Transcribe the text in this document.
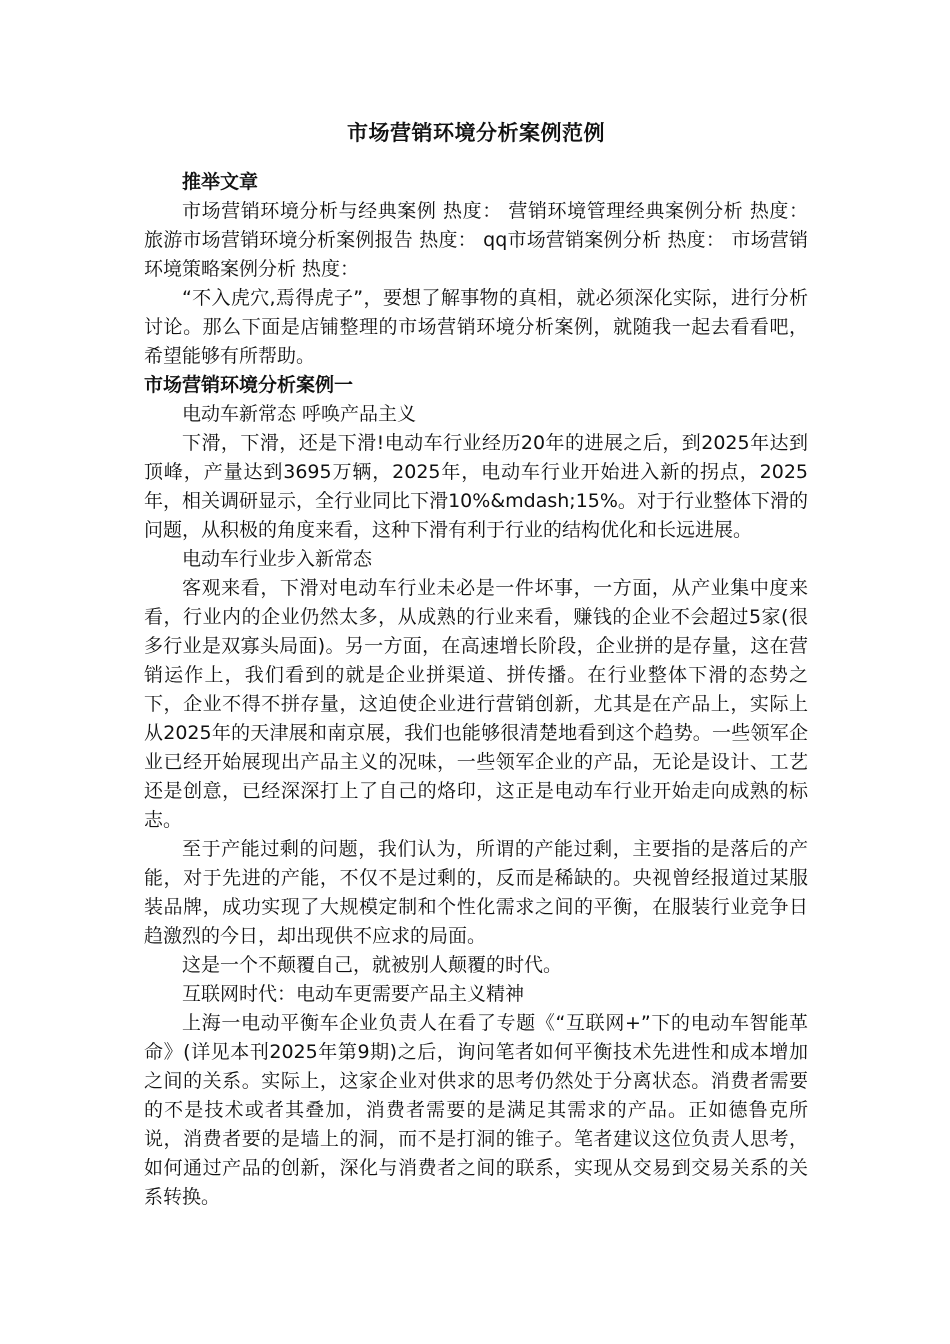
市场营销环境分析案例范例

推举文章

市场营销环境分析与经典案例 热度： 营销环境管理经典案例分析 热度： 旅游市场营销环境分析案例报告 热度： qq市场营销案例分析 热度： 市场营销环境策略案例分析 热度：

“不入虎穴,焉得虎子”，要想了解事物的真相，就必须深化实际，进行分析讨论。那么下面是店铺整理的市场营销环境分析案例，就随我一起去看看吧，希望能够有所帮助。

市场营销环境分析案例一

电动车新常态 呼唤产品主义

下滑，下滑，还是下滑!电动车行业经历20年的进展之后，到2025年达到顶峰，产量达到3695万辆，2025年，电动车行业开始进入新的拐点，2025年，相关调研显示，全行业同比下滑10%&mdash;15%。对于行业整体下滑的问题，从积极的角度来看，这种下滑有利于行业的结构优化和长远进展。

电动车行业步入新常态

客观来看，下滑对电动车行业未必是一件坏事，一方面，从产业集中度来看，行业内的企业仍然太多，从成熟的行业来看，赚钱的企业不会超过5家(很多行业是双寡头局面)。另一方面，在高速增长阶段，企业拼的是存量，这在营销运作上，我们看到的就是企业拼渠道、拼传播。在行业整体下滑的态势之下，企业不得不拼存量，这迫使企业进行营销创新，尤其是在产品上，实际上从2025年的天津展和南京展，我们也能够很清楚地看到这个趋势。一些领军企业已经开始展现出产品主义的况味，一些领军企业的产品，无论是设计、工艺还是创意，已经深深打上了自己的烙印，这正是电动车行业开始走向成熟的标志。

至于产能过剩的问题，我们认为，所谓的产能过剩，主要指的是落后的产能，对于先进的产能，不仅不是过剩的，反而是稀缺的。央视曾经报道过某服装品牌，成功实现了大规模定制和个性化需求之间的平衡，在服装行业竞争日趋激烈的今日，却出现供不应求的局面。

这是一个不颠覆自己，就被别人颠覆的时代。

互联网时代：电动车更需要产品主义精神

上海一电动平衡车企业负责人在看了专题《“互联网+”下的电动车智能革命》(详见本刊2025年第9期)之后，询问笔者如何平衡技术先进性和成本增加之间的关系。实际上，这家企业对供求的思考仍然处于分离状态。消费者需要的不是技术或者其叠加，消费者需要的是满足其需求的产品。正如德鲁克所说，消费者要的是墙上的洞，而不是打洞的锥子。笔者建议这位负责人思考，如何通过产品的创新，深化与消费者之间的联系，实现从交易到交易关系的关系转换。
